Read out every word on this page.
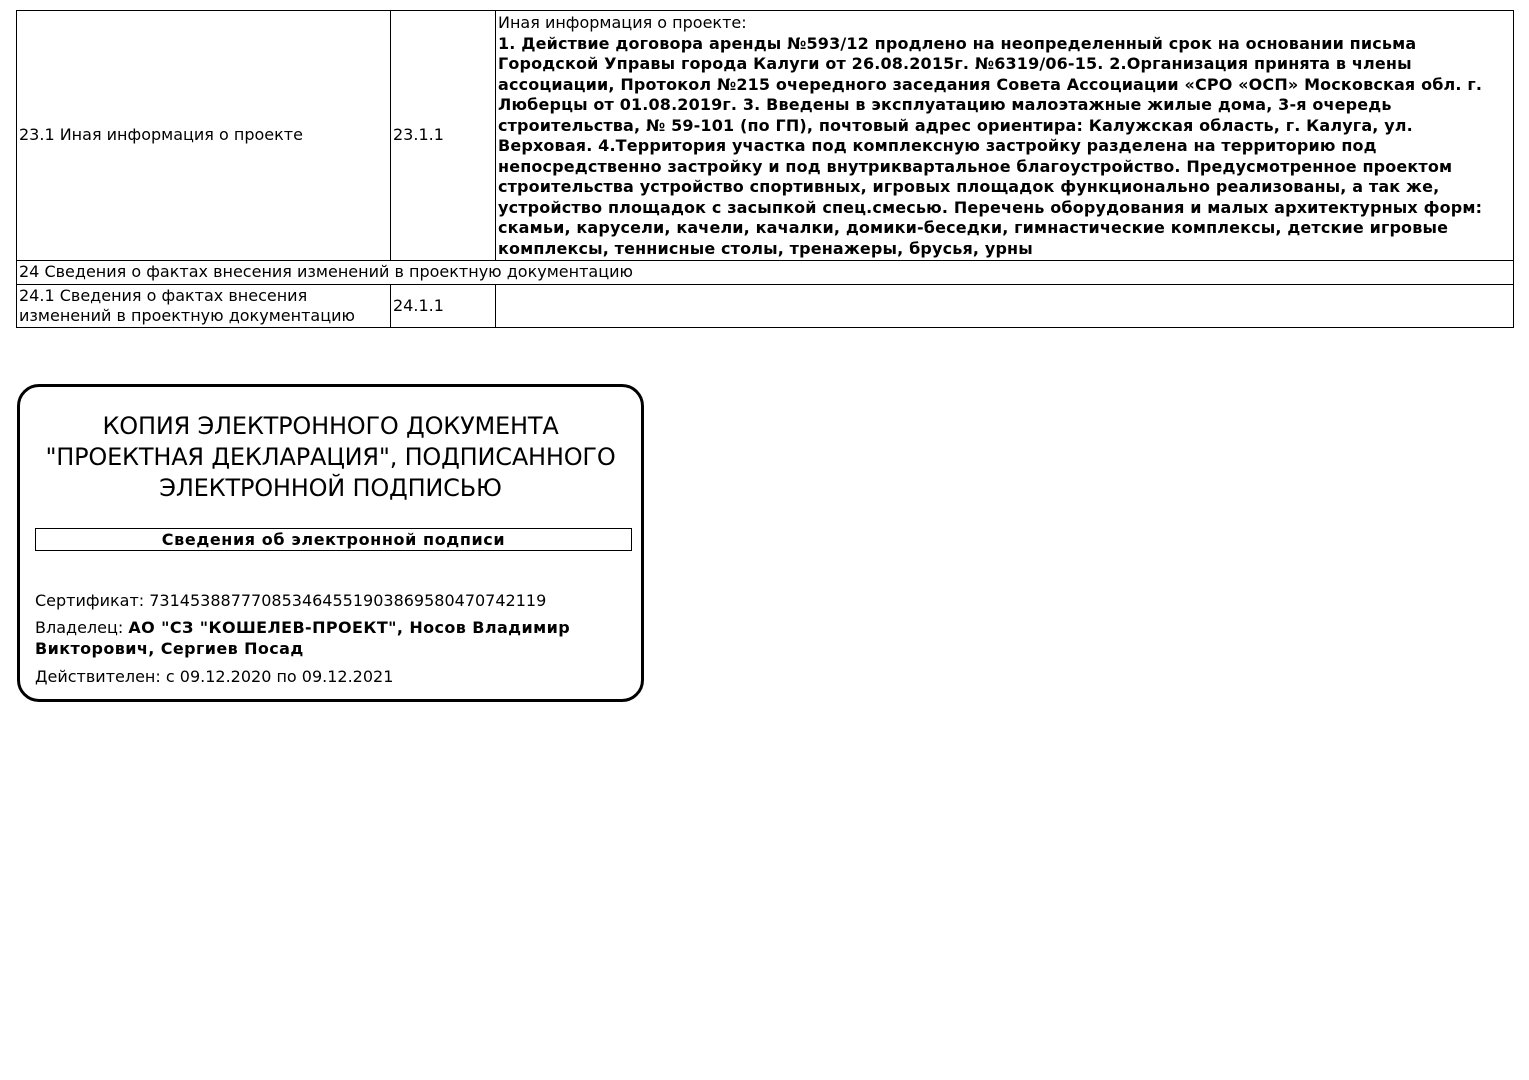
23.1 Иная информация о проекте	23.1.1	Иная информация о проекте:
1. Действие договора аренды №593/12 продлено на неопределенный срок на основании письма Городской Управы города Калуги от 26.08.2015г. №6319/06-15. 2.Организация принята в члены ассоциации, Протокол №215 очередного заседания Совета Ассоциации «СРО «ОСП» Московская обл. г. Люберцы от 01.08.2019г. 3. Введены в эксплуатацию малоэтажные жилые дома, 3-я очередь строительства, № 59-101 (по ГП), почтовый адрес ориентира: Калужская область, г. Калуга, ул. Верховая. 4.Территория участка под комплексную застройку разделена на территорию под непосредственно застройку и под внутриквартальное благоустройство. Предусмотренное проектом строительства устройство спортивных, игровых площадок функционально реализованы, а так же, устройство площадок с засыпкой спец.смесью. Перечень оборудования и малых архитектурных форм: скамьи, карусели, качели, качалки, домики-беседки, гимнастические комплексы, детские игровые комплексы, теннисные столы, тренажеры, брусья, урны

24 Сведения о фактах внесения изменений в проектную документацию		
24.1 Сведения о фактах внесения изменений в проектную документацию	24.1.1	
КОПИЯ ЭЛЕКТРОННОГО ДОКУМЕНТА "ПРОЕКТНАЯ ДЕКЛАРАЦИЯ", ПОДПИСАННОГО ЭЛЕКТРОННОЙ ПОДПИСЬЮ
Сведения об электронной подписи
Сертификат: 731453887770853464551903869580470742119
Владелец: АО "СЗ "КОШЕЛЕВ-ПРОЕКТ", Носов Владимир Викторович, Сергиев Посад
Действителен: с 09.12.2020 по 09.12.2021
